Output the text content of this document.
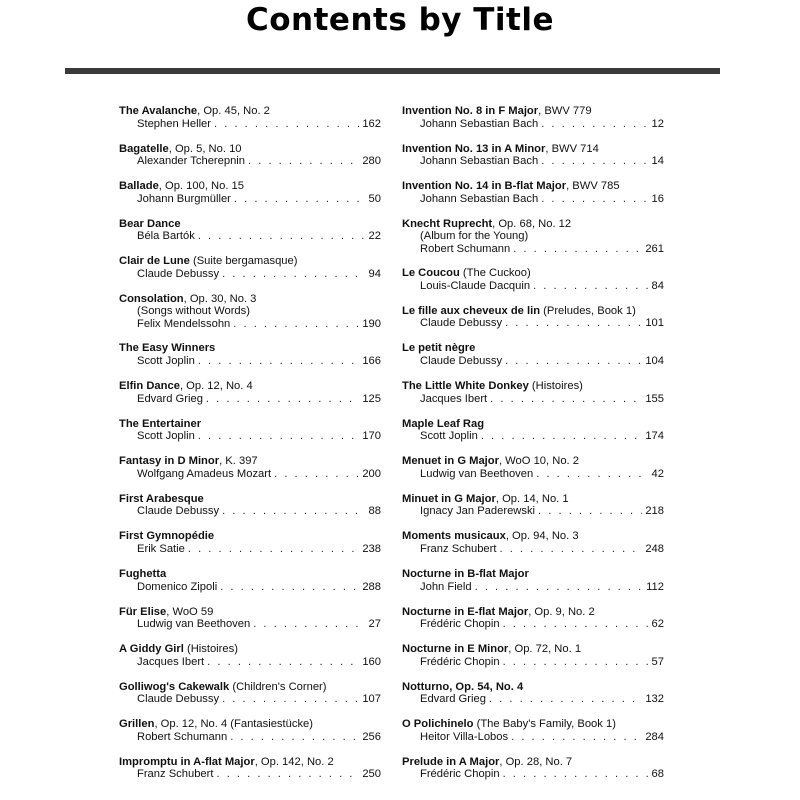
Contents by Title
The Avalanche, Op. 45, No. 2
Stephen Heller . . .	162
Bagatelle, Op. 5, No. 10
Alexander Tcherepnin . . .	280
Ballade, Op. 100, No. 15
Johann Burgmüller . . .	50
Bear Dance
Béla Bartók . . .	22
Clair de Lune (Suite bergamasque)
Claude Debussy . . .	94
Consolation, Op. 30, No. 3
(Songs without Words)
Felix Mendelssohn . . .	190
The Easy Winners
Scott Joplin . . .	166
Elfin Dance, Op. 12, No. 4
Edvard Grieg . . .	125
The Entertainer
Scott Joplin . . .	170
Fantasy in D Minor, K. 397
Wolfgang Amadeus Mozart . . .	200
First Arabesque
Claude Debussy . . .	88
First Gymnopédie
Erik Satie . . .	238
Fughetta
Domenico Zipoli . . .	288
Für Elise, WoO 59
Ludwig van Beethoven . . .	27
A Giddy Girl (Histoires)
Jacques Ibert . . .	160
Golliwog's Cakewalk (Children's Corner)
Claude Debussy . . .	107
Grillen, Op. 12, No. 4 (Fantasiestücke)
Robert Schumann . . .	256
Impromptu in A-flat Major, Op. 142, No. 2
Franz Schubert . . .	250
Invention No. 8 in F Major, BWV 779
Johann Sebastian Bach . . .	12
Invention No. 13 in A Minor, BWV 714
Johann Sebastian Bach . . .	14
Invention No. 14 in B-flat Major, BWV 785
Johann Sebastian Bach . . .	16
Knecht Ruprecht, Op. 68, No. 12
(Album for the Young)
Robert Schumann . . .	261
Le Coucou (The Cuckoo)
Louis-Claude Dacquin . . .	84
Le fille aux cheveux de lin (Preludes, Book 1)
Claude Debussy . . .	101
Le petit nègre
Claude Debussy . . .	104
The Little White Donkey (Histoires)
Jacques Ibert . . .	155
Maple Leaf Rag
Scott Joplin . . .	174
Menuet in G Major, WoO 10, No. 2
Ludwig van Beethoven . . .	42
Minuet in G Major, Op. 14, No. 1
Ignacy Jan Paderewski . . .	218
Moments musicaux, Op. 94, No. 3
Franz Schubert . . .	248
Nocturne in B-flat Major
John Field . . .	112
Nocturne in E-flat Major, Op. 9, No. 2
Frédéric Chopin . . .	62
Nocturne in E Minor, Op. 72, No. 1
Frédéric Chopin . . .	57
Notturno, Op. 54, No. 4
Edvard Grieg . . .	132
O Polichinelo (The Baby's Family, Book 1)
Heitor Villa-Lobos . . .	284
Prelude in A Major, Op. 28, No. 7
Frédéric Chopin . . .	68
